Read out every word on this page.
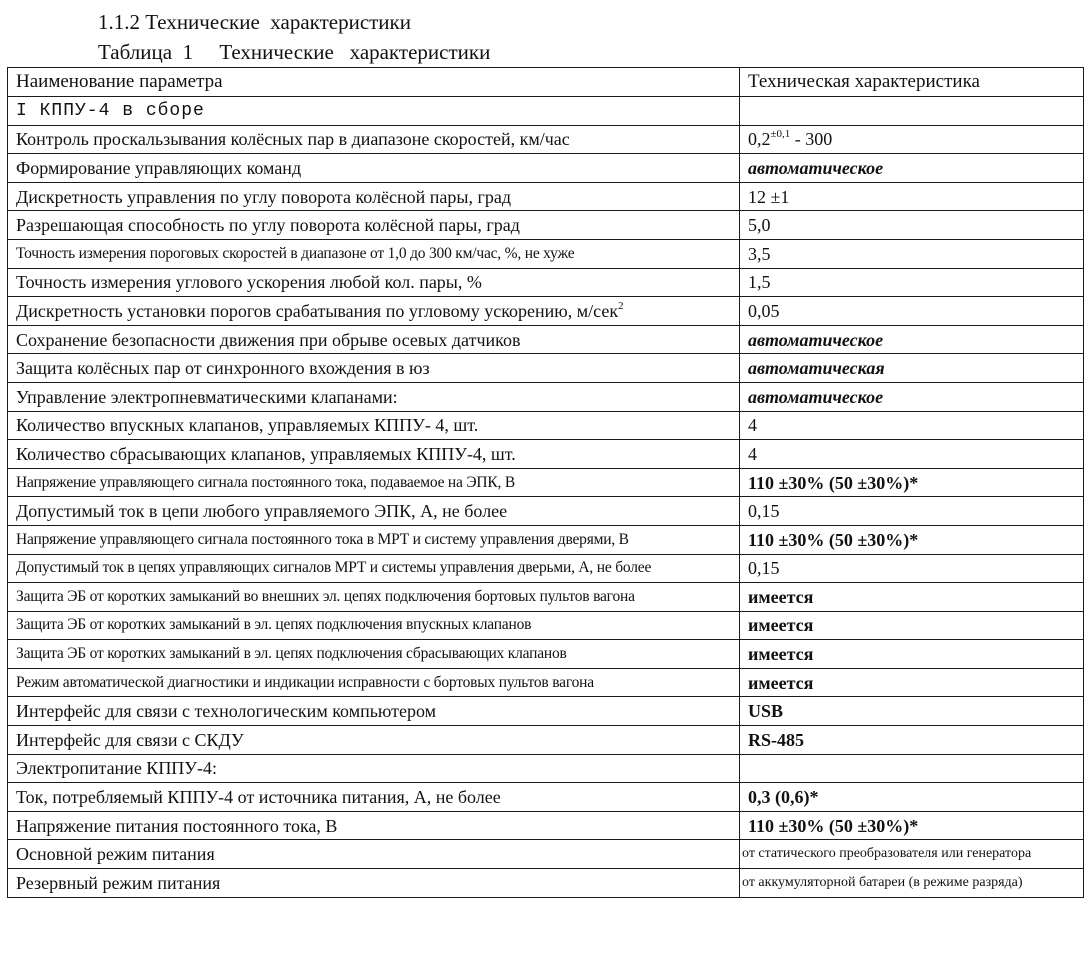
1.1.2 Технические  характеристики
Таблица  1     Технические   характеристики
Наименование параметра	Техническая характеристика
I КППУ-4 в сборе	
Контроль проскальзывания колёсных пар в диапазоне скоростей, км/час	$0,2^{\pm 0,1} - 300$
Формирование управляющих команд	автоматическое
Дискретность управления по углу поворота колёсной пары, град	12 ±1
Разрешающая способность по углу поворота колёсной пары, град	5,0
Точность измерения пороговых скоростей в диапазоне от 1,0 до 300 км/час, %, не хуже	3,5
Точность измерения углового ускорения любой кол. пары, %	1,5
Дискретность установки порогов срабатывания по угловому ускорению, м/сек$^2$	0,05
Сохранение безопасности движения при обрыве осевых датчиков	автоматическое
Защита колёсных пар от синхронного вхождения в юз	автоматическая
Управление электропневматическими клапанами:	автоматическое
Количество впускных клапанов, управляемых КППУ- 4, шт.	4
Количество сбрасывающих клапанов, управляемых КППУ-4, шт.	4
Напряжение управляющего сигнала постоянного тока, подаваемое на ЭПК, В	110 ±30% (50 ±30%)*
Допустимый ток в цепи любого управляемого ЭПК, А, не более	0,15
Напряжение управляющего сигнала постоянного тока в МРТ и систему управления дверями, В	110 ±30% (50 ±30%)*
Допустимый ток в цепях управляющих сигналов МРТ и системы управления дверьми, А, не более	0,15
Защита ЭБ от коротких замыканий во внешних эл. цепях подключения бортовых пультов вагона	имеется
Защита ЭБ от коротких замыканий в эл. цепях подключения впускных клапанов	имеется
Защита ЭБ от коротких замыканий в эл. цепях подключения сбрасывающих клапанов	имеется
Режим автоматической диагностики и индикации исправности с бортовых пультов вагона	имеется
Интерфейс для связи с технологическим компьютером	USB
Интерфейс для связи с СКДУ	RS-485
Электропитание КППУ-4:	
Ток, потребляемый КППУ-4 от источника питания, А, не более	0,3 (0,6)*
Напряжение питания постоянного тока, В	110 ±30% (50 ±30%)*
Основной режим питания	от статического преобразователя или генератора
Резервный режим питания	от аккумуляторной батареи (в режиме разряда)
